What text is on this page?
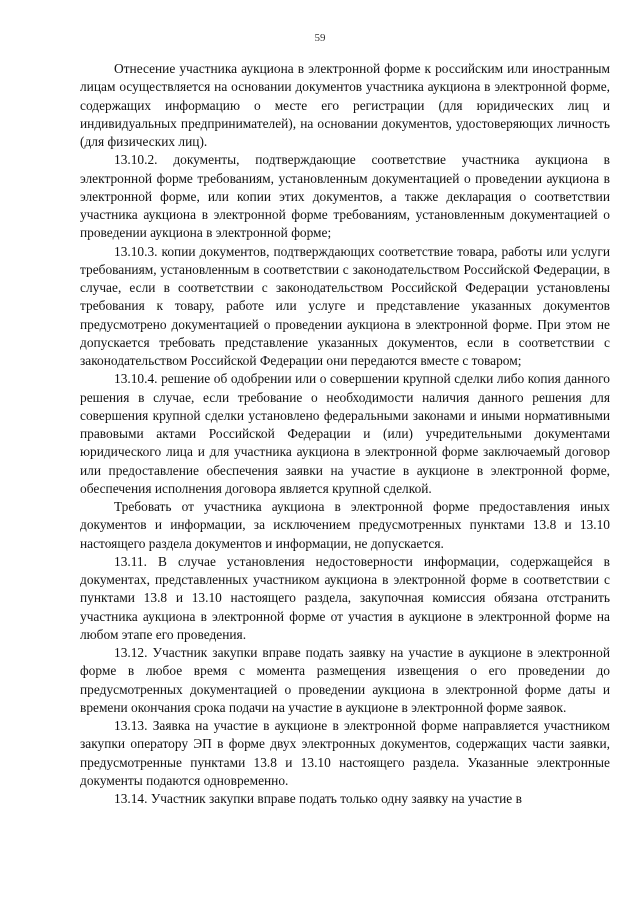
59

Отнесение участника аукциона в электронной форме к российским или иностранным лицам осуществляется на основании документов участника аукциона в электронной форме, содержащих информацию о месте его регистрации (для юридических лиц и индивидуальных предпринимателей), на основании документов, удостоверяющих личность (для физических лиц).

13.10.2. документы, подтверждающие соответствие участника аукциона в электронной форме требованиям, установленным документацией о проведении аукциона в электронной форме, или копии этих документов, а также декларация о соответствии участника аукциона в электронной форме требованиям, установленным документацией о проведении аукциона в электронной форме;

13.10.3. копии документов, подтверждающих соответствие товара, работы или услуги требованиям, установленным в соответствии с законодательством Российской Федерации, в случае, если в соответствии с законодательством Российской Федерации установлены требования к товару, работе или услуге и представление указанных документов предусмотрено документацией о проведении аукциона в электронной форме. При этом не допускается требовать представление указанных документов, если в соответствии с законодательством Российской Федерации они передаются вместе с товаром;

13.10.4. решение об одобрении или о совершении крупной сделки либо копия данного решения в случае, если требование о необходимости наличия данного решения для совершения крупной сделки установлено федеральными законами и иными нормативными правовыми актами Российской Федерации и (или) учредительными документами юридического лица и для участника аукциона в электронной форме заключаемый договор или предоставление обеспечения заявки на участие в аукционе в электронной форме, обеспечения исполнения договора является крупной сделкой.

Требовать от участника аукциона в электронной форме предоставления иных документов и информации, за исключением предусмотренных пунктами 13.8 и 13.10 настоящего раздела документов и информации, не допускается.

13.11. В случае установления недостоверности информации, содержащейся в документах, представленных участником аукциона в электронной форме в соответствии с пунктами 13.8 и 13.10 настоящего раздела, закупочная комиссия обязана отстранить участника аукциона в электронной форме от участия в аукционе в электронной форме на любом этапе его проведения.

13.12. Участник закупки вправе подать заявку на участие в аукционе в электронной форме в любое время с момента размещения извещения о его проведении до предусмотренных документацией о проведении аукциона в электронной форме даты и времени окончания срока подачи на участие в аукционе в электронной форме заявок.

13.13. Заявка на участие в аукционе в электронной форме направляется участником закупки оператору ЭП в форме двух электронных документов, содержащих части заявки, предусмотренные пунктами 13.8 и 13.10 настоящего раздела. Указанные электронные документы подаются одновременно.

13.14. Участник закупки вправе подать только одну заявку на участие в
